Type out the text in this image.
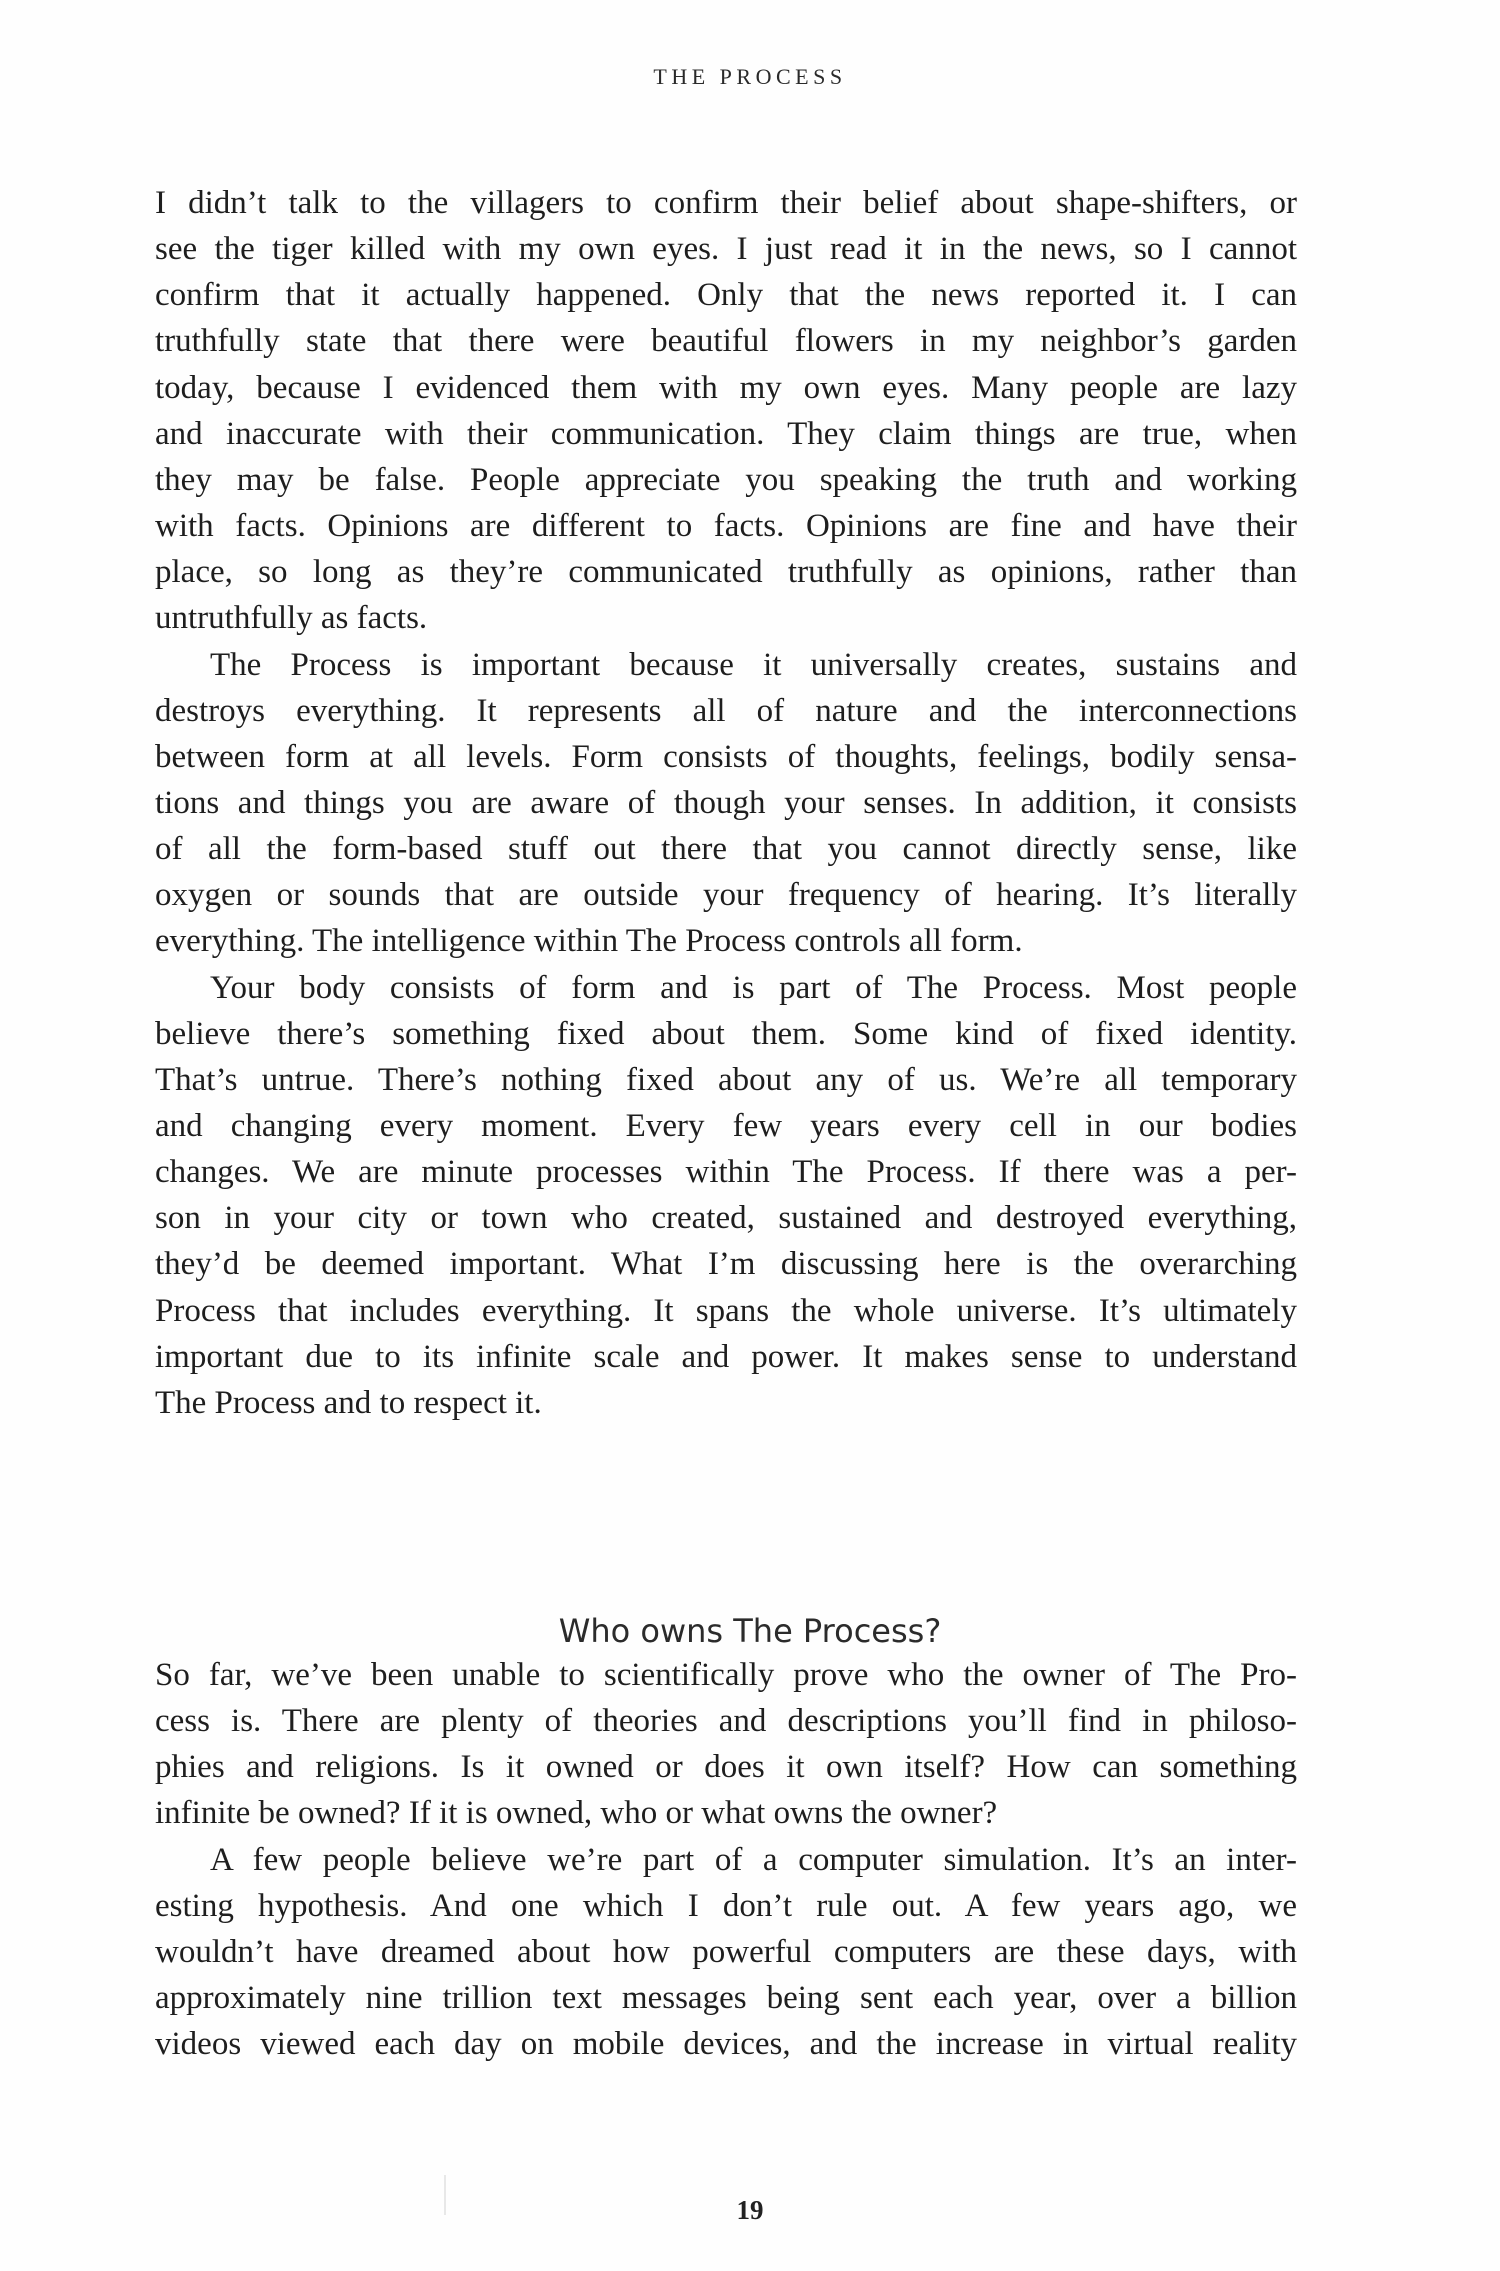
THE PROCESS
I didn’t talk to the villagers to confirm their belief about shape-shifters, or
see the tiger killed with my own eyes. I just read it in the news, so I cannot
confirm that it actually happened. Only that the news reported it. I can
truthfully state that there were beautiful flowers in my neighbor’s garden
today, because I evidenced them with my own eyes. Many people are lazy
and inaccurate with their communication. They claim things are true, when
they may be false. People appreciate you speaking the truth and working
with facts. Opinions are different to facts. Opinions are fine and have their
place, so long as they’re communicated truthfully as opinions, rather than
untruthfully as facts.
The Process is important because it universally creates, sustains and
destroys everything. It represents all of nature and the interconnections
between form at all levels. Form consists of thoughts, feelings, bodily sensa-
tions and things you are aware of though your senses. In addition, it consists
of all the form-based stuff out there that you cannot directly sense, like
oxygen or sounds that are outside your frequency of hearing. It’s literally
everything. The intelligence within The Process controls all form.
Your body consists of form and is part of The Process. Most people
believe there’s something fixed about them. Some kind of fixed identity.
That’s untrue. There’s nothing fixed about any of us. We’re all temporary
and changing every moment. Every few years every cell in our bodies
changes. We are minute processes within The Process. If there was a per-
son in your city or town who created, sustained and destroyed everything,
they’d be deemed important. What I’m discussing here is the overarching
Process that includes everything. It spans the whole universe. It’s ultimately
important due to its infinite scale and power. It makes sense to understand
The Process and to respect it.
Who owns The Process?
So far, we’ve been unable to scientifically prove who the owner of The Pro-
cess is. There are plenty of theories and descriptions you’ll find in philoso-
phies and religions. Is it owned or does it own itself? How can something
infinite be owned? If it is owned, who or what owns the owner?
A few people believe we’re part of a computer simulation. It’s an inter-
esting hypothesis. And one which I don’t rule out. A few years ago, we
wouldn’t have dreamed about how powerful computers are these days, with
approximately nine trillion text messages being sent each year, over a billion
videos viewed each day on mobile devices, and the increase in virtual reality
19
